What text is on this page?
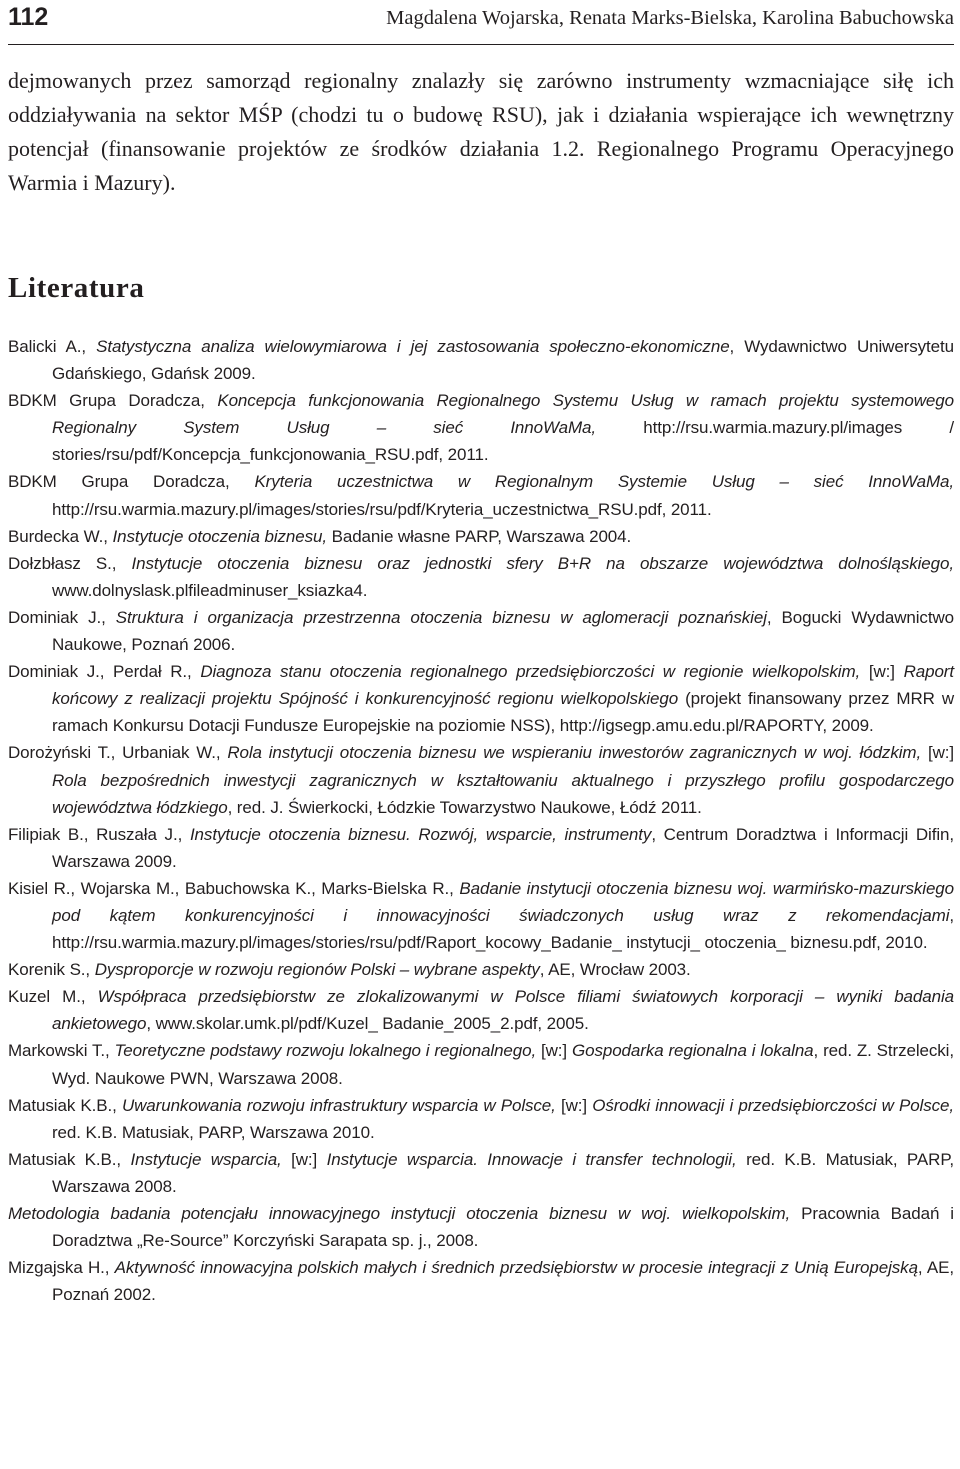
112	Magdalena Wojarska, Renata Marks-Bielska, Karolina Babuchowska

dejmowanych przez samorząd regionalny znalazły się zarówno instrumenty wzmacniające siłę ich oddziaływania na sektor MŚP (chodzi tu o budowę RSU), jak i działania wspierające ich wewnętrzny potencjał (finansowanie projektów ze środków działania 1.2. Regionalnego Programu Operacyjnego Warmia i Mazury).

Literatura
Balicki A., Statystyczna analiza wielowymiarowa i jej zastosowania społeczno-ekonomiczne, Wydawnictwo Uniwersytetu Gdańskiego, Gdańsk 2009.
BDKM Grupa Doradcza, Koncepcja funkcjonowania Regionalnego Systemu Usług w ramach projektu systemowego Regionalny System Usług – sieć InnoWaMa, http://rsu.warmia.mazury.pl/images / stories/rsu/pdf/Koncepcja_funkcjonowania_RSU.pdf, 2011.
BDKM Grupa Doradcza, Kryteria uczestnictwa w Regionalnym Systemie Usług – sieć InnoWaMa, http://rsu.warmia.mazury.pl/images/stories/rsu/pdf/Kryteria_uczestnictwa_RSU.pdf, 2011.
Burdecka W., Instytucje otoczenia biznesu, Badanie własne PARP, Warszawa 2004.
Dołzbłasz S., Instytucje otoczenia biznesu oraz jednostki sfery B+R na obszarze województwa dolnośląskiego, www.dolnyslask.plfileadminuser_ksiazka4.
Dominiak J., Struktura i organizacja przestrzenna otoczenia biznesu w aglomeracji poznańskiej, Bogucki Wydawnictwo Naukowe, Poznań 2006.
Dominiak J., Perdał R., Diagnoza stanu otoczenia regionalnego przedsiębiorczości w regionie wielkopolskim, [w:] Raport końcowy z realizacji projektu Spójność i konkurencyjność regionu wielkopolskiego (projekt finansowany przez MRR w ramach Konkursu Dotacji Fundusze Europejskie na poziomie NSS), http://igsegp.amu.edu.pl/RAPORTY, 2009.
Dorożyński T., Urbaniak W., Rola instytucji otoczenia biznesu we wspieraniu inwestorów zagranicznych w woj. łódzkim, [w:] Rola bezpośrednich inwestycji zagranicznych w kształtowaniu aktualnego i przyszłego profilu gospodarczego województwa łódzkiego, red. J. Świerkocki, Łódzkie Towarzystwo Naukowe, Łódź 2011.
Filipiak B., Ruszała J., Instytucje otoczenia biznesu. Rozwój, wsparcie, instrumenty, Centrum Doradztwa i Informacji Difin, Warszawa 2009.
Kisiel R., Wojarska M., Babuchowska K., Marks-Bielska R., Badanie instytucji otoczenia biznesu woj. warmińsko-mazurskiego pod kątem konkurencyjności i innowacyjności świadczonych usług wraz z rekomendacjami, http://rsu.warmia.mazury.pl/images/stories/rsu/pdf/Raport_kocowy_Badanie_ instytucji_ otoczenia_ biznesu.pdf, 2010.
Korenik S., Dysproporcje w rozwoju regionów Polski – wybrane aspekty, AE, Wrocław 2003.
Kuzel M., Współpraca przedsiębiorstw ze zlokalizowanymi w Polsce filiami światowych korporacji – wyniki badania ankietowego, www.skolar.umk.pl/pdf/Kuzel_ Badanie_2005_2.pdf, 2005.
Markowski T., Teoretyczne podstawy rozwoju lokalnego i regionalnego, [w:] Gospodarka regionalna i lokalna, red. Z. Strzelecki, Wyd. Naukowe PWN, Warszawa 2008.
Matusiak K.B., Uwarunkowania rozwoju infrastruktury wsparcia w Polsce, [w:] Ośrodki innowacji i przedsiębiorczości w Polsce, red. K.B. Matusiak, PARP, Warszawa 2010.
Matusiak K.B., Instytucje wsparcia, [w:] Instytucje wsparcia. Innowacje i transfer technologii, red. K.B. Matusiak, PARP, Warszawa 2008.
Metodologia badania potencjału innowacyjnego instytucji otoczenia biznesu w woj. wielkopolskim, Pracownia Badań i Doradztwa „Re-Source” Korczyński Sarapata sp. j., 2008.
Mizgajska H., Aktywność innowacyjna polskich małych i średnich przedsiębiorstw w procesie integracji z Unią Europejską, AE, Poznań 2002.
